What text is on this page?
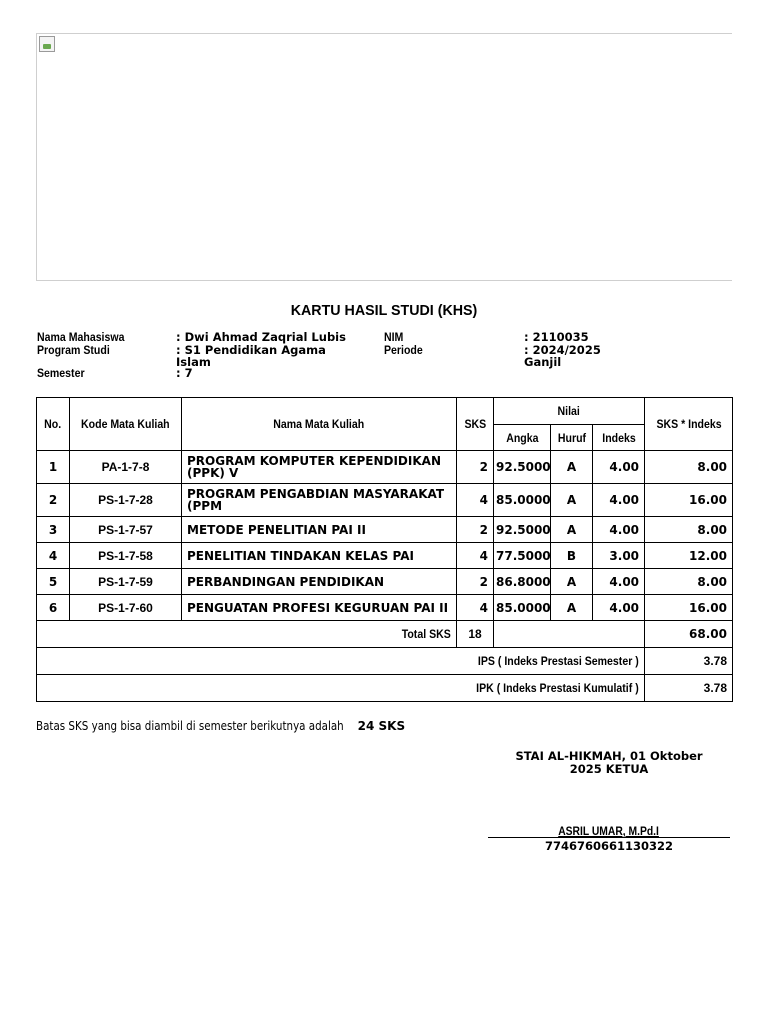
KARTU HASIL STUDI (KHS)
Nama Mahasiswa	: Dwi Ahmad Zaqrial Lubis
Program Studi	: S1 Pendidikan Agama
Islam
Semester	: 7
NIM	: 2110035
Periode	: 2024/2025
Ganjil
No.	Kode Mata Kuliah	Nama Mata Kuliah	SKS	Nilai			SKS * Indeks
				Angka	Huruf	Indeks	
1	PA-1-7-8	PROGRAM KOMPUTER KEPENDIDIKAN
(PPK) V	2	92.5000	A	4.00	8.00
2	PS-1-7-28	PROGRAM PENGABDIAN MASYARAKAT
(PPM	4	85.0000	A	4.00	16.00
3	PS-1-7-57	METODE PENELITIAN PAI II	2	92.5000	A	4.00	8.00
4	PS-1-7-58	PENELITIAN TINDAKAN KELAS PAI	4	77.5000	B	3.00	12.00
5	PS-1-7-59	PERBANDINGAN PENDIDIKAN	2	86.8000	A	4.00	8.00
6	PS-1-7-60	PENGUATAN PROFESI KEGURUAN PAI II	4	85.0000	A	4.00	16.00
Total SKS			18				68.00
IPS ( Indeks Prestasi Semester )							3.78
IPK ( Indeks Prestasi Kumulatif )							3.78
Batas SKS yang bisa diambil di semester berikutnya adalah 24 SKS
STAI AL-HIKMAH, 01 Oktober
2025 KETUA
ASRIL UMAR, M.Pd.I
7746760661130322
